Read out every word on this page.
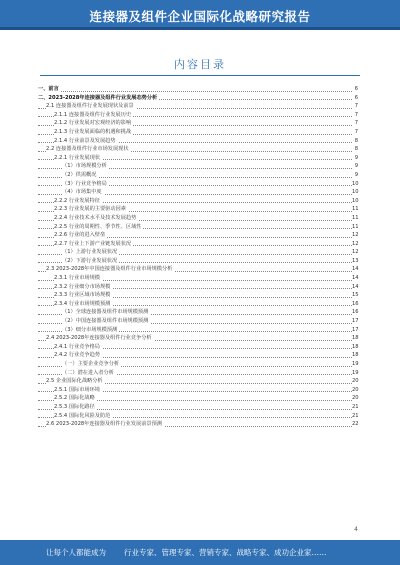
连接器及组件企业国际化战略研究报告
内容目录
一、前言	6
二、2023-2028年连接器及组件行业发展态势分析	6
2.1 连接器及组件行业发展现状及前景	7
2.1.1 连接器及组件行业发展历史	7
2.1.2 行业发展对宏观经济的影响	7
2.1.3 行业发展面临的机遇和挑战	7
2.1.4 行业前景及发展趋势	8
2.2 连接器及组件行业市场发展现状	8
2.2.1 行业发展现状	9
（1）市场规模分析	9
（2）供需概况	9
（3）行业竞争格局	10
（4）市场集中度	10
2.2.2 行业发展特征	10
2.2.3 行业发展的主要驱动因素	11
2.2.4 行业技术水平及技术发展趋势	11
2.2.5 行业的周期性、季节性、区域性	11
2.2.6 行业的进入壁垒	12
2.2.7 行业上下游产业链发展状况	12
（1）上游行业发展状况	12
（2）下游行业发展状况	13
2.3 2023-2028年中国连接器及组件行业市场规模分析	14
2.3.1 行业市场规模	14
2.3.2 行业细分市场规模	14
2.3.3 行业区域市场规模	15
2.3.4 行业市场规模预测	16
（1）全球连接器及组件市场规模预测	16
（2）中国连接器及组件市场规模预测	17
（3）细分市场规模预测	17
2.4 2023-2028年连接器及组件行业竞争分析	18
2.4.1 行业竞争格局	18
2.4.2 行业竞争趋势	18
（一）主要企业竞争分析	19
（二）潜在进入者分析	19
2.5 企业国际化战略分析	20
2.5.1 国际市场环境	20
2.5.2 国际化战略	20
2.5.3 国际化路径	21
2.5.4 国际化风险及防范	21
2.6 2023-2028年连接器及组件行业发展前景预测	22
4
让每个人都能成为 行业专家、管理专家、营销专家、战略专家、成功企业家……
